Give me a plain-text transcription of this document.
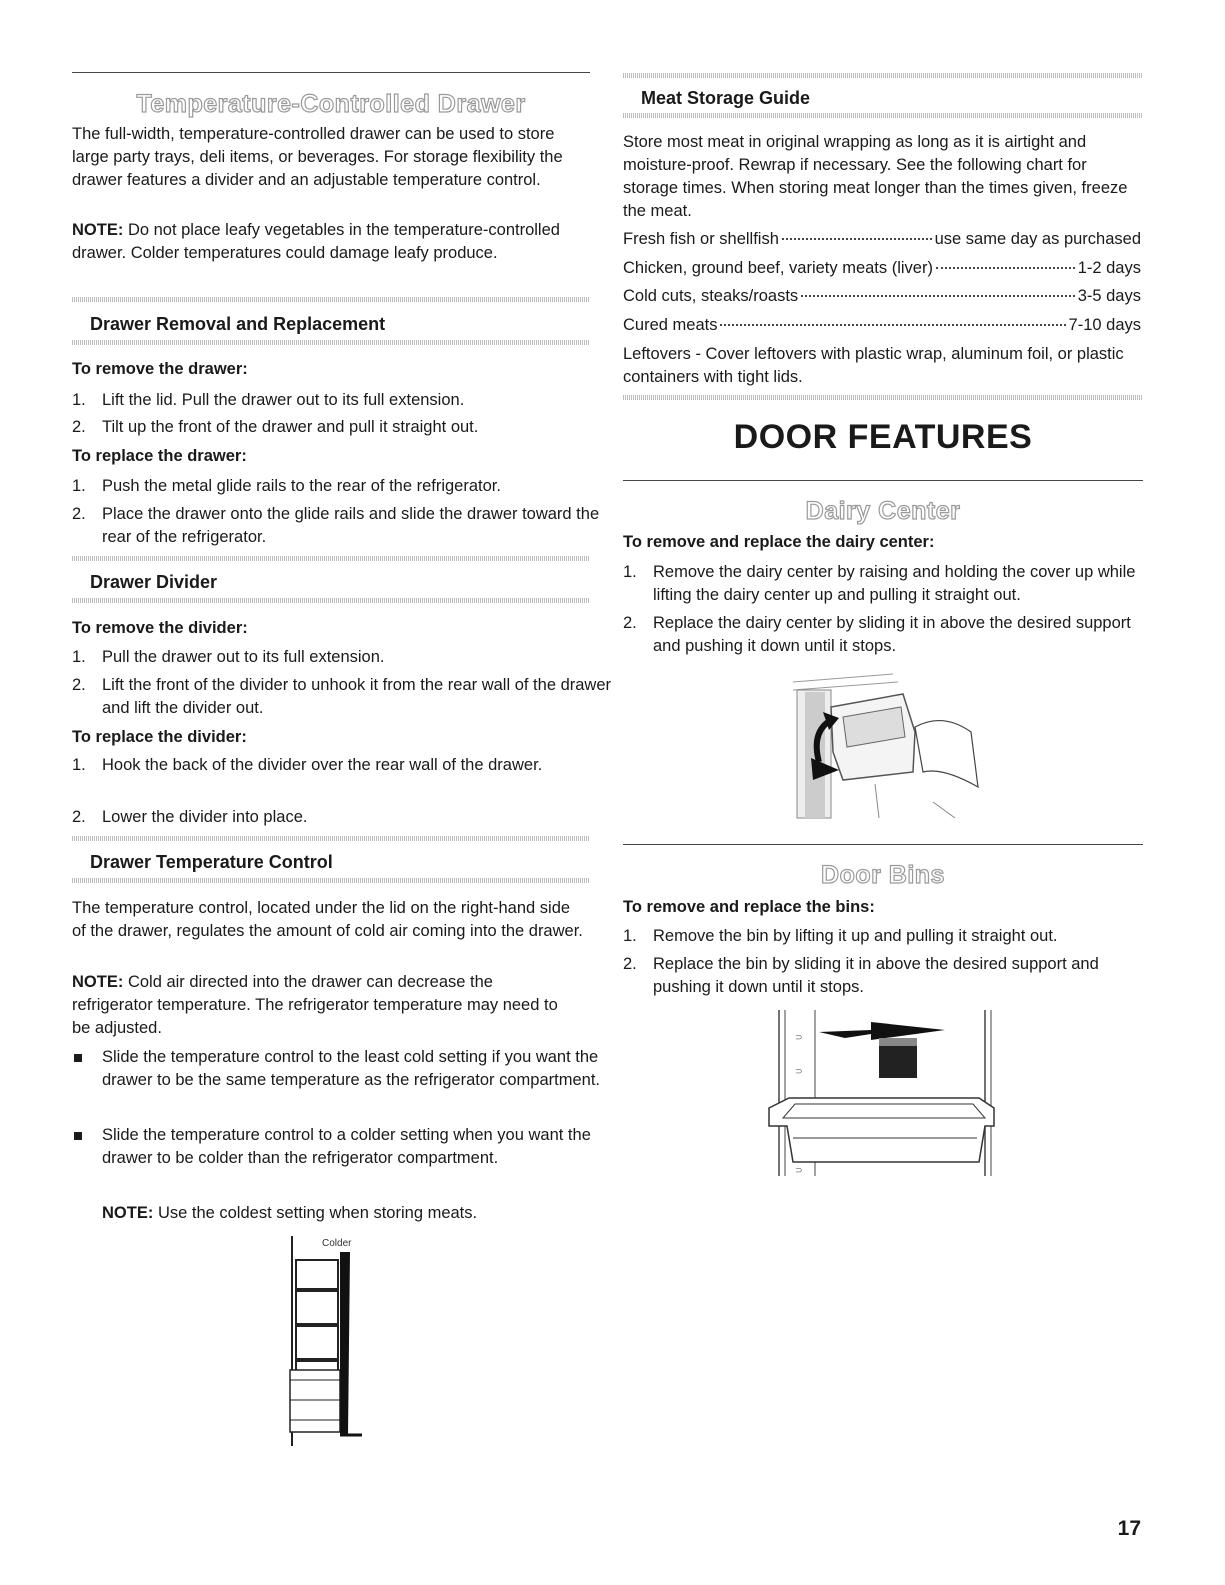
Temperature-Controlled Drawer

The full-width, temperature-controlled drawer can be used to store large party trays, deli items, or beverages. For storage flexibility the drawer features a divider and an adjustable temperature control.

NOTE: Do not place leafy vegetables in the temperature-controlled drawer. Colder temperatures could damage leafy produce.

Drawer Removal and Replacement

To remove the drawer:

1. Lift the lid. Pull the drawer out to its full extension.

2. Tilt up the front of the drawer and pull it straight out.

To replace the drawer:

1. Push the metal glide rails to the rear of the refrigerator.

2. Place the drawer onto the glide rails and slide the drawer toward the rear of the refrigerator.

Drawer Divider

To remove the divider:

1. Pull the drawer out to its full extension.

2. Lift the front of the divider to unhook it from the rear wall of the drawer and lift the divider out.

To replace the divider:

1. Hook the back of the divider over the rear wall of the drawer.

2. Lower the divider into place.

Drawer Temperature Control

The temperature control, located under the lid on the right-hand side of the drawer, regulates the amount of cold air coming into the drawer.

NOTE: Cold air directed into the drawer can decrease the refrigerator temperature. The refrigerator temperature may need to be adjusted.

Slide the temperature control to the least cold setting if you want the drawer to be the same temperature as the refrigerator compartment.

Slide the temperature control to a colder setting when you want the drawer to be colder than the refrigerator compartment.

NOTE: Use the coldest setting when storing meats.

Colder
Meat Storage Guide

Store most meat in original wrapping as long as it is airtight and moisture-proof. Rewrap if necessary. See the following chart for storage times. When storing meat longer than the times given, freeze the meat.

Fresh fish or shellfish	use same day as purchased
Chicken, ground beef, variety meats (liver)	1-2 days
Cold cuts, steaks/roasts	3-5 days
Cured meats	7-10 days

Leftovers - Cover leftovers with plastic wrap, aluminum foil, or plastic containers with tight lids.

DOOR FEATURES
Dairy Center

To remove and replace the dairy center:

1. Remove the dairy center by raising and holding the cover up while lifting the dairy center up and pulling it straight out.

2. Replace the dairy center by sliding it in above the desired support and pushing it down until it stops.

Door Bins

To remove and replace the bins:

1. Remove the bin by lifting it up and pulling it straight out.

2. Replace the bin by sliding it in above the desired support and pushing it down until it stops.

⊃
⊃
⊃
17
